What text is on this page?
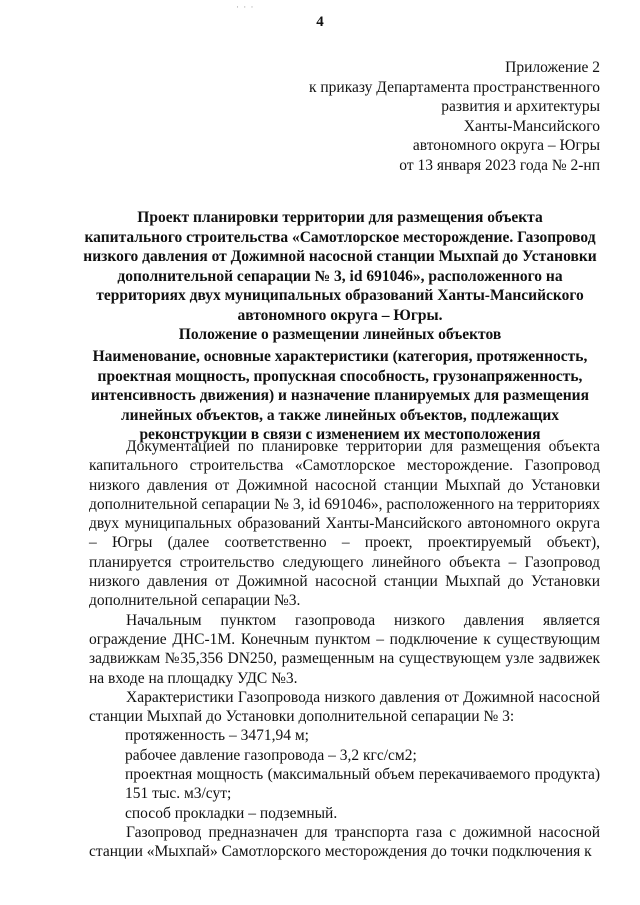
· · ·
4
Приложение 2
к приказу Департамента пространственного
развития и архитектуры
Ханты-Мансийского
автономного округа – Югры
от 13 января 2023 года № 2-нп
Проект планировки территории для размещения объекта
капитального строительства «Самотлорское месторождение. Газопровод
низкого давления от Дожимной насосной станции Мыхпай до Установки
дополнительной сепарации № 3, id 691046», расположенного на
территориях двух муниципальных образований Ханты-Мансийского
автономного округа – Югры.
Положение о размещении линейных объектов
Наименование, основные характеристики (категория, протяженность,
проектная мощность, пропускная способность, грузонапряженность,
интенсивность движения) и назначение планируемых для размещения
линейных объектов, а также линейных объектов, подлежащих
реконструкции в связи с изменением их местоположения

Документацией по планировке территории для размещения объекта капитального строительства «Самотлорское месторождение. Газопровод низкого давления от Дожимной насосной станции Мыхпай до Установки дополнительной сепарации № 3, id 691046», расположенного на территориях двух муниципальных образований Ханты-Мансийского автономного округа – Югры (далее соответственно – проект, проектируемый объект), планируется строительство следующего линейного объекта – Газопровод низкого давления от Дожимной насосной станции Мыхпай до Установки дополнительной сепарации №3.

Начальным пунктом газопровода низкого давления является ограждение ДНС-1М. Конечным пунктом – подключение к существующим задвижкам №35,356 DN250, размещенным на существующем узле задвижек на входе на площадку УДС №3.

Характеристики Газопровода низкого давления от Дожимной насосной станции Мыхпай до Установки дополнительной сепарации № 3:

протяженность – 3471,94 м;

рабочее давление газопровода – 3,2 кгс/см2;

проектная мощность (максимальный объем перекачиваемого продукта) 151 тыс. м3/сут;

способ прокладки – подземный.

Газопровод предназначен для транспорта газа с дожимной насосной станции «Мыхпай» Самотлорского месторождения до точки подключения к
